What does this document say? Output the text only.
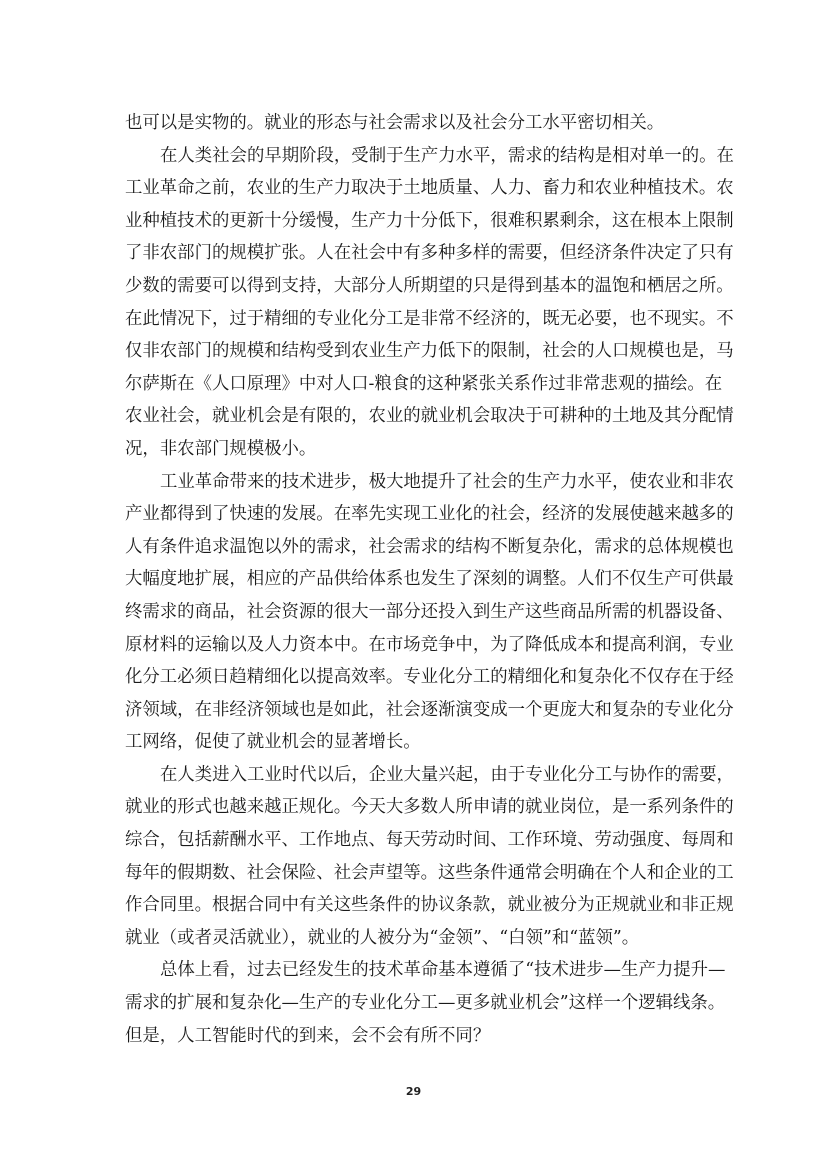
也可以是实物的。就业的形态与社会需求以及社会分工水平密切相关。
在人类社会的早期阶段，受制于生产力水平，需求的结构是相对单一的。在
工业革命之前，农业的生产力取决于土地质量、人力、畜力和农业种植技术。农
业种植技术的更新十分缓慢，生产力十分低下，很难积累剩余，这在根本上限制
了非农部门的规模扩张。人在社会中有多种多样的需要，但经济条件决定了只有
少数的需要可以得到支持，大部分人所期望的只是得到基本的温饱和栖居之所。
在此情况下，过于精细的专业化分工是非常不经济的，既无必要，也不现实。不
仅非农部门的规模和结构受到农业生产力低下的限制，社会的人口规模也是，马
尔萨斯在《人口原理》中对人口-粮食的这种紧张关系作过非常悲观的描绘。在
农业社会，就业机会是有限的，农业的就业机会取决于可耕种的土地及其分配情
况，非农部门规模极小。
工业革命带来的技术进步，极大地提升了社会的生产力水平，使农业和非农
产业都得到了快速的发展。在率先实现工业化的社会，经济的发展使越来越多的
人有条件追求温饱以外的需求，社会需求的结构不断复杂化，需求的总体规模也
大幅度地扩展，相应的产品供给体系也发生了深刻的调整。人们不仅生产可供最
终需求的商品，社会资源的很大一部分还投入到生产这些商品所需的机器设备、
原材料的运输以及人力资本中。在市场竞争中，为了降低成本和提高利润，专业
化分工必须日趋精细化以提高效率。专业化分工的精细化和复杂化不仅存在于经
济领域，在非经济领域也是如此，社会逐渐演变成一个更庞大和复杂的专业化分
工网络，促使了就业机会的显著增长。
在人类进入工业时代以后，企业大量兴起，由于专业化分工与协作的需要，
就业的形式也越来越正规化。今天大多数人所申请的就业岗位，是一系列条件的
综合，包括薪酬水平、工作地点、每天劳动时间、工作环境、劳动强度、每周和
每年的假期数、社会保险、社会声望等。这些条件通常会明确在个人和企业的工
作合同里。根据合同中有关这些条件的协议条款，就业被分为正规就业和非正规
就业（或者灵活就业），就业的人被分为“金领”、“白领”和“蓝领”。
总体上看，过去已经发生的技术革命基本遵循了“技术进步—生产力提升—
需求的扩展和复杂化—生产的专业化分工—更多就业机会”这样一个逻辑线条。
但是，人工智能时代的到来，会不会有所不同？
29
